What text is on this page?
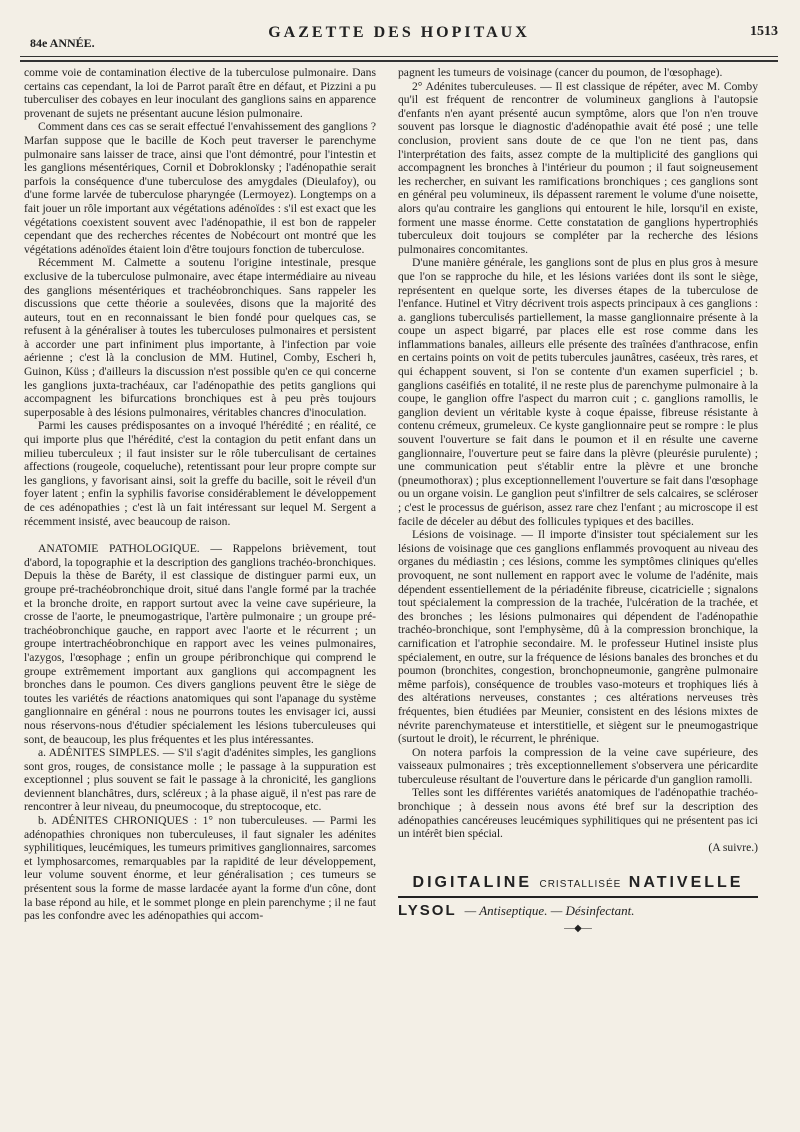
84e ANNÉE.
GAZETTE DES HOPITAUX	1513

comme voie de contamination élective de la tuberculose pulmonaire. Dans certains cas cependant, la loi de Parrot paraît être en défaut, et Pizzini a pu tuberculiser des cobayes en leur inoculant des ganglions sains en apparence provenant de sujets ne présentant aucune lésion pulmonaire.

Comment dans ces cas se serait effectué l'envahissement des ganglions ? Marfan suppose que le bacille de Koch peut traverser le parenchyme pulmonaire sans laisser de trace, ainsi que l'ont démontré, pour l'intestin et les ganglions mésentériques, Cornil et Dobroklonsky ; l'adénopathie serait parfois la conséquence d'une tuberculose des amygdales (Dieulafoy), ou d'une forme larvée de tuberculose pharyngée (Lermoyez). Longtemps on a fait jouer un rôle important aux végétations adénoïdes : s'il est exact que les végétations coexistent souvent avec l'adénopathie, il est bon de rappeler cependant que des recherches récentes de Nobécourt ont montré que les végétations adénoïdes étaient loin d'être toujours fonction de tuberculose.

Récemment M. Calmette a soutenu l'origine intestinale, presque exclusive de la tuberculose pulmonaire, avec étape intermédiaire au niveau des ganglions mésentériques et trachéobronchiques. Sans rappeler les discussions que cette théorie a soulevées, disons que la majorité des auteurs, tout en en reconnaissant le bien fondé pour quelques cas, se refusent à la généraliser à toutes les tuberculoses pulmonaires et persistent à accorder une part infiniment plus importante, à l'infection par voie aérienne ; c'est là la conclusion de MM. Hutinel, Comby, Escheri h, Guinon, Küss ; d'ailleurs la discussion n'est possible qu'en ce qui concerne les ganglions juxta-trachéaux, car l'adénopathie des petits ganglions qui accompagnent les bifurcations bronchiques est à peu près toujours superposable à des lésions pulmonaires, véritables chancres d'inoculation.

Parmi les causes prédisposantes on a invoqué l'hérédité ; en réalité, ce qui importe plus que l'hérédité, c'est la contagion du petit enfant dans un milieu tuberculeux ; il faut insister sur le rôle tuberculisant de certaines affections (rougeole, coqueluche), retentissant pour leur propre compte sur les ganglions, y favorisant ainsi, soit la greffe du bacille, soit le réveil d'un foyer latent ; enfin la syphilis favorise considérablement le développement de ces adénopathies ; c'est là un fait intéressant sur lequel M. Sergent a récemment insisté, avec beaucoup de raison.

ANATOMIE PATHOLOGIQUE. — Rappelons brièvement, tout d'abord, la topographie et la description des ganglions trachéo-bronchiques. Depuis la thèse de Baréty, il est classique de distinguer parmi eux, un groupe pré-trachéobronchique droit, situé dans l'angle formé par la trachée et la bronche droite, en rapport surtout avec la veine cave supérieure, la crosse de l'aorte, le pneumogastrique, l'artère pulmonaire ; un groupe pré-trachéobronchique gauche, en rapport avec l'aorte et le récurrent ; un groupe intertrachéobronchique en rapport avec les veines pulmonaires, l'azygos, l'œsophage ; enfin un groupe péribronchique qui comprend le groupe extrêmement important aux ganglions qui accompagnent les bronches dans le poumon. Ces divers ganglions peuvent être le siège de toutes les variétés de réactions anatomiques qui sont l'apanage du système ganglionnaire en général : nous ne pourrons toutes les envisager ici, aussi nous réservons-nous d'étudier spécialement les lésions tuberculeuses qui sont, de beaucoup, les plus fréquentes et les plus intéressantes.

a. ADÉNITES SIMPLES. — S'il s'agit d'adénites simples, les ganglions sont gros, rouges, de consistance molle ; le passage à la suppuration est exceptionnel ; plus souvent se fait le passage à la chronicité, les ganglions deviennent blanchâtres, durs, scléreux ; à la phase aiguë, il n'est pas rare de rencontrer à leur niveau, du pneumocoque, du streptocoque, etc.

b. ADÉNITES CHRONIQUES : 1° non tuberculeuses. — Parmi les adénopathies chroniques non tuberculeuses, il faut signaler les adénites syphilitiques, leucémiques, les tumeurs primitives ganglionnaires, sarcomes et lymphosarcomes, remarquables par la rapidité de leur développement, leur volume souvent énorme, et leur généralisation ; ces tumeurs se présentent sous la forme de masse lardacée ayant la forme d'un cône, dont la base répond au hile, et le sommet plonge en plein parenchyme ; il ne faut pas les confondre avec les adénopathies qui accom-

pagnent les tumeurs de voisinage (cancer du poumon, de l'œsophage).

2° Adénites tuberculeuses. — Il est classique de répéter, avec M. Comby qu'il est fréquent de rencontrer de volumineux ganglions à l'autopsie d'enfants n'en ayant présenté aucun symptôme, alors que l'on n'en trouve souvent pas lorsque le diagnostic d'adénopathie avait été posé ; une telle conclusion, provient sans doute de ce que l'on ne tient pas, dans l'interprétation des faits, assez compte de la multiplicité des ganglions qui accompagnent les bronches à l'intérieur du poumon ; il faut soigneusement les rechercher, en suivant les ramifications bronchiques ; ces ganglions sont en général peu volumineux, ils dépassent rarement le volume d'une noisette, alors qu'au contraire les ganglions qui entourent le hile, lorsqu'il en existe, forment une masse énorme. Cette constatation de ganglions hypertrophiés tuberculeux doit toujours se compléter par la recherche des lésions pulmonaires concomitantes.

D'une manière générale, les ganglions sont de plus en plus gros à mesure que l'on se rapproche du hile, et les lésions variées dont ils sont le siège, représentent en quelque sorte, les diverses étapes de la tuberculose de l'enfance. Hutinel et Vitry décrivent trois aspects principaux à ces ganglions : a. ganglions tuberculisés partiellement, la masse ganglionnaire présente à la coupe un aspect bigarré, par places elle est rose comme dans les inflammations banales, ailleurs elle présente des traînées d'anthracose, enfin en certains points on voit de petits tubercules jaunâtres, caséeux, très rares, et qui échappent souvent, si l'on se contente d'un examen superficiel ; b. ganglions caséifiés en totalité, il ne reste plus de parenchyme pulmonaire à la coupe, le ganglion offre l'aspect du marron cuit ; c. ganglions ramollis, le ganglion devient un véritable kyste à coque épaisse, fibreuse résistante à contenu crémeux, grumeleux. Ce kyste ganglionnaire peut se rompre : le plus souvent l'ouverture se fait dans le poumon et il en résulte une caverne ganglionnaire, l'ouverture peut se faire dans la plèvre (pleurésie purulente) ; une communication peut s'établir entre la plèvre et une bronche (pneumothorax) ; plus exceptionnellement l'ouverture se fait dans l'œsophage ou un organe voisin. Le ganglion peut s'infiltrer de sels calcaires, se scléroser ; c'est le processus de guérison, assez rare chez l'enfant ; au microscope il est facile de déceler au début des follicules typiques et des bacilles.

Lésions de voisinage. — Il importe d'insister tout spécialement sur les lésions de voisinage que ces ganglions enflammés provoquent au niveau des organes du médiastin ; ces lésions, comme les symptômes cliniques qu'elles provoquent, ne sont nullement en rapport avec le volume de l'adénite, mais dépendent essentiellement de la périadénite fibreuse, cicatricielle ; signalons tout spécialement la compression de la trachée, l'ulcération de la trachée, et des bronches ; les lésions pulmonaires qui dépendent de l'adénopathie trachéo-bronchique, sont l'emphysème, dû à la compression bronchique, la carnification et l'atrophie secondaire. M. le professeur Hutinel insiste plus spécialement, en outre, sur la fréquence de lésions banales des bronches et du poumon (bronchites, congestion, bronchopneumonie, gangrène pulmonaire même parfois), conséquence de troubles vaso-moteurs et trophiques liés à des altérations nerveuses, constantes ; ces altérations nerveuses très fréquentes, bien étudiées par Meunier, consistent en des lésions mixtes de névrite parenchymateuse et interstitielle, et siègent sur le pneumogastrique (surtout le droit), le récurrent, le phrénique.

On notera parfois la compression de la veine cave supérieure, des vaisseaux pulmonaires ; très exceptionnellement s'observera une péricardite tuberculeuse résultant de l'ouverture dans le péricarde d'un ganglion ramolli.

Telles sont les différentes variétés anatomiques de l'adénopathie trachéo-bronchique ; à dessein nous avons été bref sur la description des adénopathies cancéreuses leucémiques syphilitiques qui ne présentent pas ici un intérêt bien spécial.

(A suivre.)

DIGITALINE CRISTALLISÉE NATIVELLE
LYSOL — Antiseptique. — Désinfectant.
—◆—
